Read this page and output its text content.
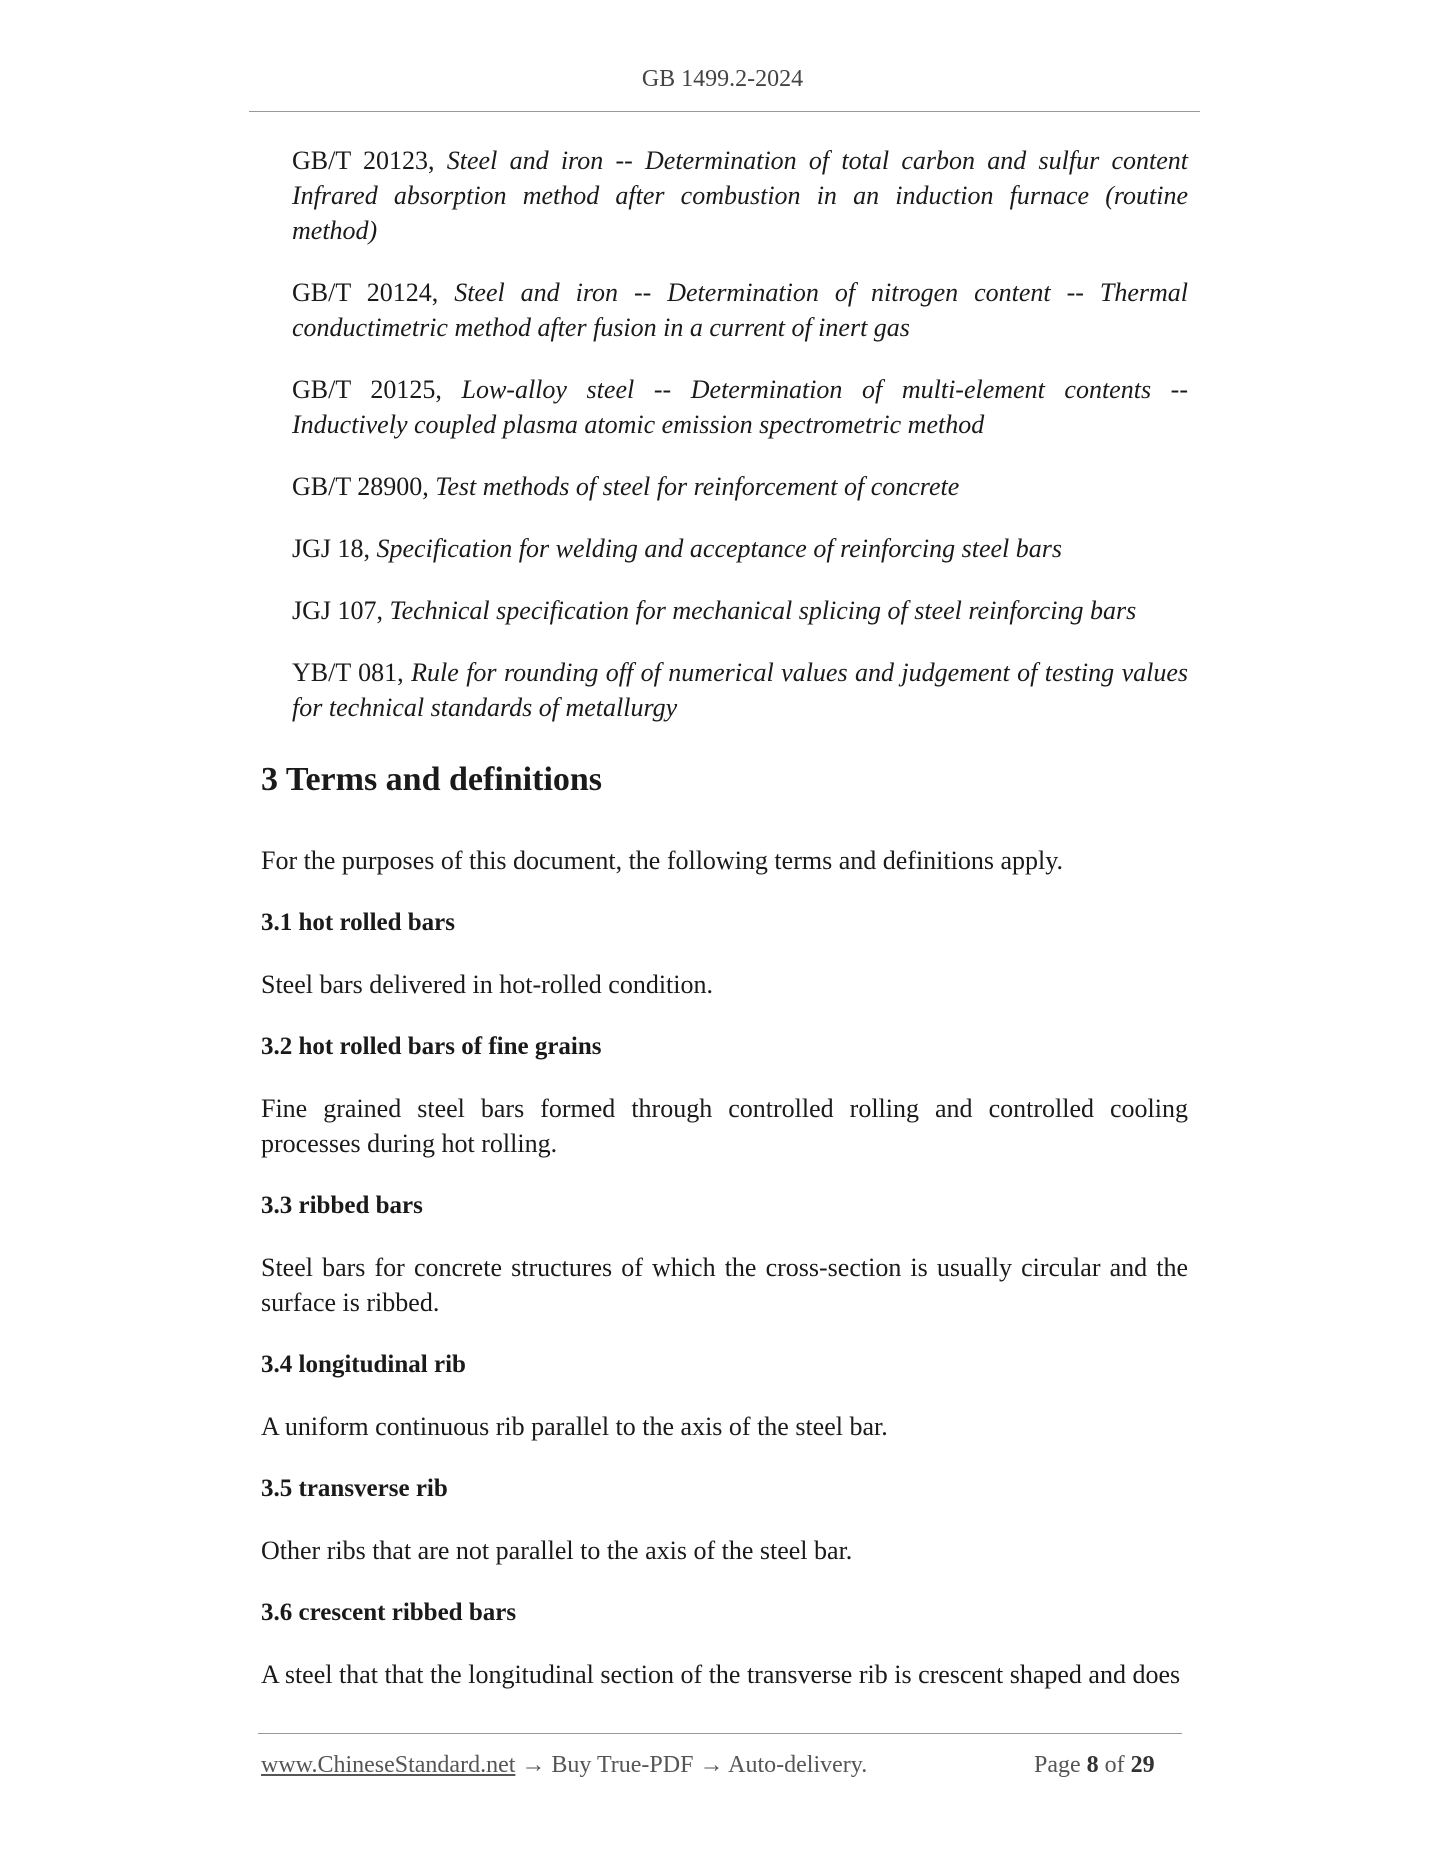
GB 1499.2-2024

GB/T 20123, Steel and iron -- Determination of total carbon and sulfur content Infrared absorption method after combustion in an induction furnace (routine method)

GB/T 20124, Steel and iron -- Determination of nitrogen content -- Thermal conductimetric method after fusion in a current of inert gas

GB/T 20125, Low-alloy steel -- Determination of multi-element contents -- Inductively coupled plasma atomic emission spectrometric method

GB/T 28900, Test methods of steel for reinforcement of concrete

JGJ 18, Specification for welding and acceptance of reinforcing steel bars

JGJ 107, Technical specification for mechanical splicing of steel reinforcing bars

YB/T 081, Rule for rounding off of numerical values and judgement of testing values for technical standards of metallurgy

3 Terms and definitions

For the purposes of this document, the following terms and definitions apply.

3.1 hot rolled bars

Steel bars delivered in hot-rolled condition.

3.2 hot rolled bars of fine grains

Fine grained steel bars formed through controlled rolling and controlled cooling processes during hot rolling.

3.3 ribbed bars

Steel bars for concrete structures of which the cross-section is usually circular and the surface is ribbed.

3.4 longitudinal rib

A uniform continuous rib parallel to the axis of the steel bar.

3.5 transverse rib

Other ribs that are not parallel to the axis of the steel bar.

3.6 crescent ribbed bars

A steel that that the longitudinal section of the transverse rib is crescent shaped and does

www.ChineseStandard.net → Buy True-PDF → Auto-delivery.	Page 8 of 29
